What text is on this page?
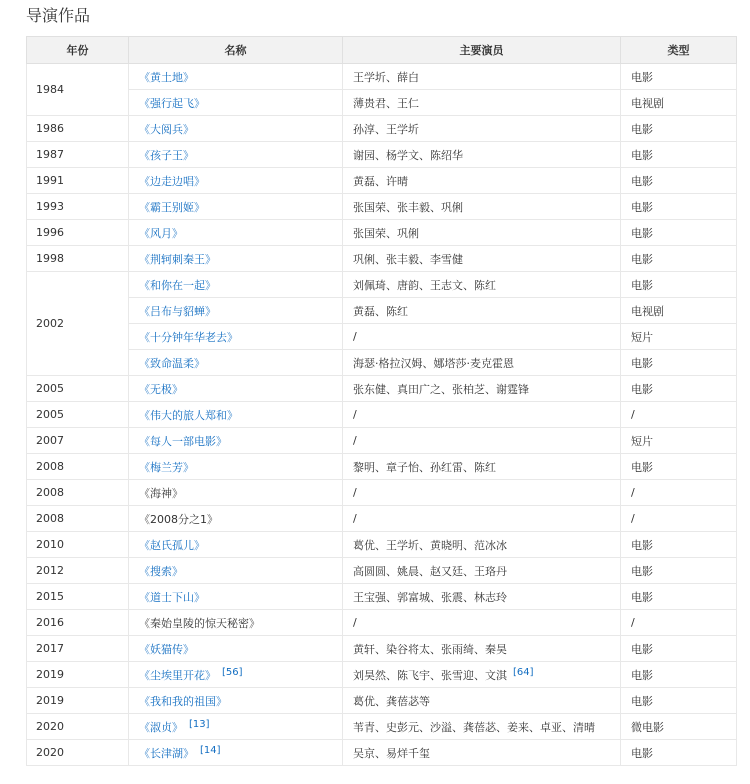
导演作品
年份	名称	主要演员	类型
1984	《黄土地》	王学圻、薛白	电影
	《强行起飞》	薄贵君、王仁	电视剧
1986	《大阅兵》	孙淳、王学圻	电影
1987	《孩子王》	谢园、杨学文、陈绍华	电影
1991	《边走边唱》	黄磊、许晴	电影
1993	《霸王别姬》	张国荣、张丰毅、巩俐	电影
1996	《风月》	张国荣、巩俐	电影
1998	《荆轲刺秦王》	巩俐、张丰毅、李雪健	电影
2002	《和你在一起》	刘佩琦、唐韵、王志文、陈红	电影
	《吕布与貂蝉》	黄磊、陈红	电视剧
	《十分钟年华老去》	/	短片
	《致命温柔》	海瑟·格拉汉姆、娜塔莎·麦克霍恩	电影
2005	《无极》	张东健、真田广之、张柏芝、谢霆锋	电影
2005	《伟大的旅人郑和》	/	/
2007	《每人一部电影》	/	短片
2008	《梅兰芳》	黎明、章子怡、孙红雷、陈红	电影
2008	《海神》	/	/
2008	《2008分之1》	/	/
2010	《赵氏孤儿》	葛优、王学圻、黄晓明、范冰冰	电影
2012	《搜索》	高圆圆、姚晨、赵又廷、王珞丹	电影
2015	《道士下山》	王宝强、郭富城、张震、林志玲	电影
2016	《秦始皇陵的惊天秘密》	/	/
2017	《妖猫传》	黄轩、染谷将太、张雨绮、秦昊	电影
2019	《尘埃里开花》 [56]	刘昊然、陈飞宇、张雪迎、文淇 [64]	电影
2019	《我和我的祖国》	葛优、龚蓓苾等	电影
2020	《淑贞》 [13]	苇青、史彭元、沙溢、龚蓓苾、姜来、卓亚、清晴	微电影
2020	《长津湖》 [14]	吴京、易烊千玺	电影
